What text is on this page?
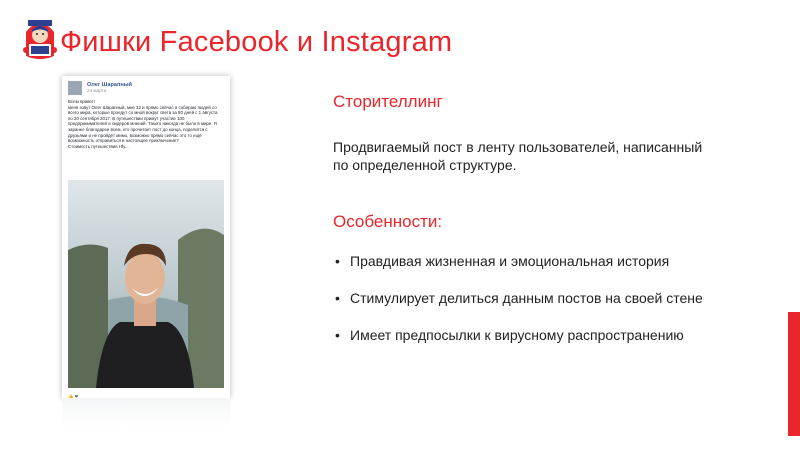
Фишки Facebook и Instagram
Олег Шарапный
24 марта
Всем привет!
меня зовут Олег Шарапный, мне 32 и прямо сейчас я собираю людей со
всего мира, которые проедут со мной вокруг света за 80 дней с 1 августа
по 20 сентября 2017. В путешествии примут участие 100
предпринимателей и лидеров мнений. Такого никогда не было в мире. Я
заранее благодарен всем, кто прочитает пост до конца, поделится с
друзьями и не пройдёт мимо, возможно прямо сейчас это то ещё
возможность отправиться в настоящее приключение?
Стоимость путешествия Hfy...
👍 ❤
Сторителлинг
Продвигаемый пост в ленту пользователей, написанный по определенной структуре.
Особенности:
• Правдивая жизненная и эмоциональная история
• Стимулирует делиться данным постов на своей стене
• Имеет предпосылки к вирусному распространению
